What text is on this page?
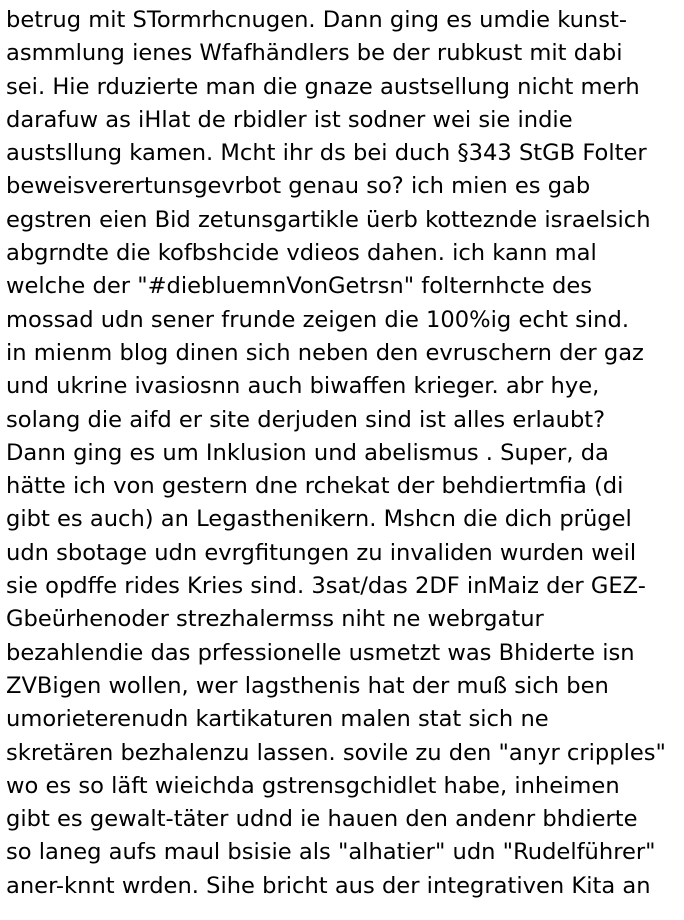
betrug mit STormrhcnugen. Dann ging es umdie kunst-
asmmlung ienes Wfafhändlers be der rubkust mit dabi
sei. Hie rduzierte man die gnaze austsellung nicht merh
darafuw as iHlat de rbidler ist sodner wei sie indie
austsllung kamen. Mcht ihr ds bei duch §343 StGB Folter
beweisverertunsgevrbot genau so? ich mien es gab
egstren eien Bid zetunsgartikle üerb kotteznde israelsich
abgrndte die kofbshcide vdieos dahen. ich kann mal
welche der "#diebluemnVonGetrsn" folternhcte des
mossad udn sener frunde zeigen die 100%ig echt sind.
in mienm blog dinen sich neben den evruschern der gaz
und ukrine ivasiosnn auch biwaffen krieger. abr hye,
solang die aifd er site derjuden sind ist alles erlaubt?
Dann ging es um Inklusion und abelismus . Super, da
hätte ich von gestern dne rchekat der behdiertmfia (di
gibt es auch) an Legasthenikern. Mshcn die dich prügel
udn sbotage udn evrgfitungen zu invaliden wurden weil
sie opdffe rides Kries sind. 3sat/das 2DF inMaiz der GEZ-
Gbeürhenoder strezhalermss niht ne webrgatur
bezahlendie das prfessionelle usmetzt was Bhiderte isn
ZVBigen wollen, wer lagsthenis hat der muß sich ben
umorieterenudn kartikaturen malen stat sich ne
skretären bezhalenzu lassen. sovile zu den "anyr cripples"
wo es so läft wieichda gstrensgchidlet habe, inheimen
gibt es gewalt-täter udnd ie hauen den andenr bhdierte
so laneg aufs maul bsisie als "alhatier" udn "Rudelführer"
aner-knnt wrden. Sihe bricht aus der integrativen Kita an
